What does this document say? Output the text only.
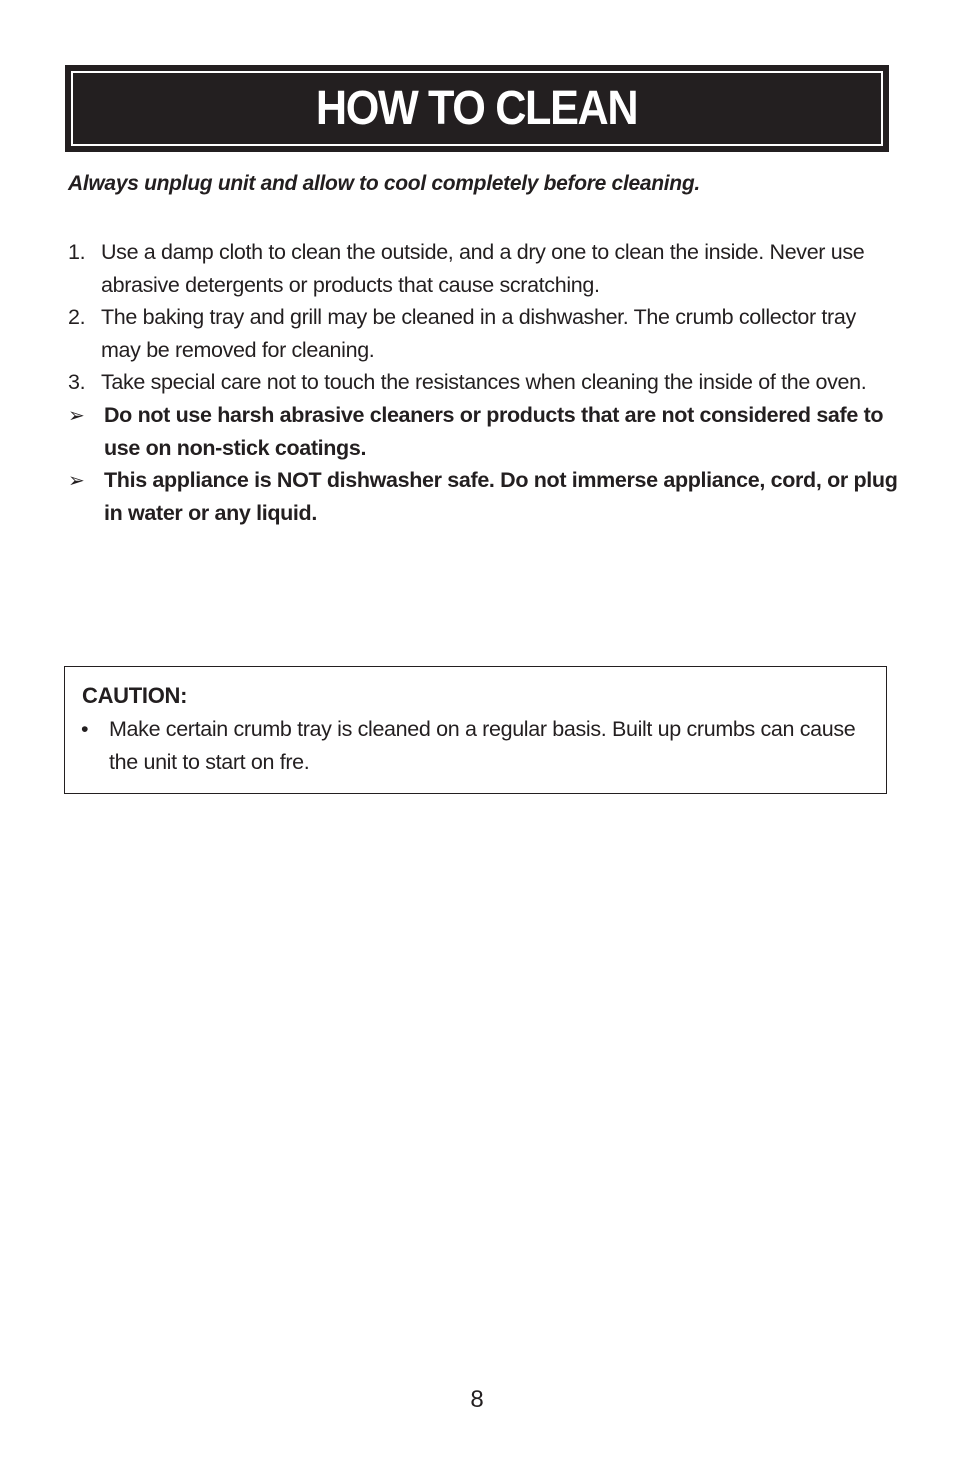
HOW TO CLEAN
Always unplug unit and allow to cool completely before cleaning.
1. Use a damp cloth to clean the outside, and a dry one to clean the inside. Never use abrasive detergents or products that cause scratching.
2. The baking tray and grill may be cleaned in a dishwasher. The crumb collector tray may be removed for cleaning.
3. Take special care not to touch the resistances when cleaning the inside of the oven.
➢ Do not use harsh abrasive cleaners or products that are not considered safe to use on non-stick coatings.
➢ This appliance is NOT dishwasher safe. Do not immerse appliance, cord, or plug in water or any liquid.
CAUTION:
• Make certain crumb tray is cleaned on a regular basis. Built up crumbs can cause the unit to start on fre.
8
